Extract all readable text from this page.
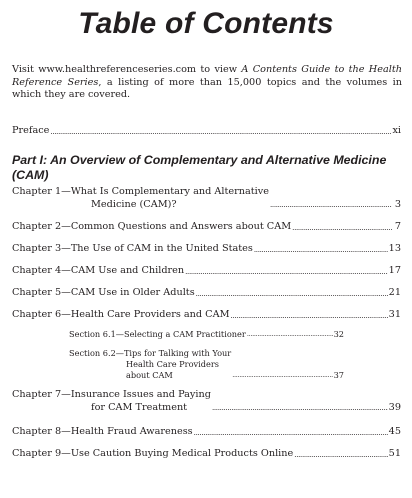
Table of Contents
Visit www.healthreferenceseries.com to view A Contents Guide to the Health Reference Series, a listing of more than 15,000 topics and the volumes in which they are covered.
Preface .....	xi
Part I: An Overview of Complementary and Alternative Medicine (CAM)
Chapter 1—What Is Complementary and Alternative
Medicine (CAM)? .....	3
Chapter 2—Common Questions and Answers about CAM .....	7
Chapter 3—The Use of CAM in the United States .....	13
Chapter 4—CAM Use and Children .....	17
Chapter 5—CAM Use in Older Adults .....	21
Chapter 6—Health Care Providers and CAM .....	31
Section 6.1—Selecting a CAM Practitioner .....	32
Section 6.2—Tips for Talking with Your
Health Care Providers
about CAM .....	37
Chapter 7—Insurance Issues and Paying
for CAM Treatment .....	39
Chapter 8—Health Fraud Awareness .....	45
Chapter 9—Use Caution Buying Medical Products Online .....	51
